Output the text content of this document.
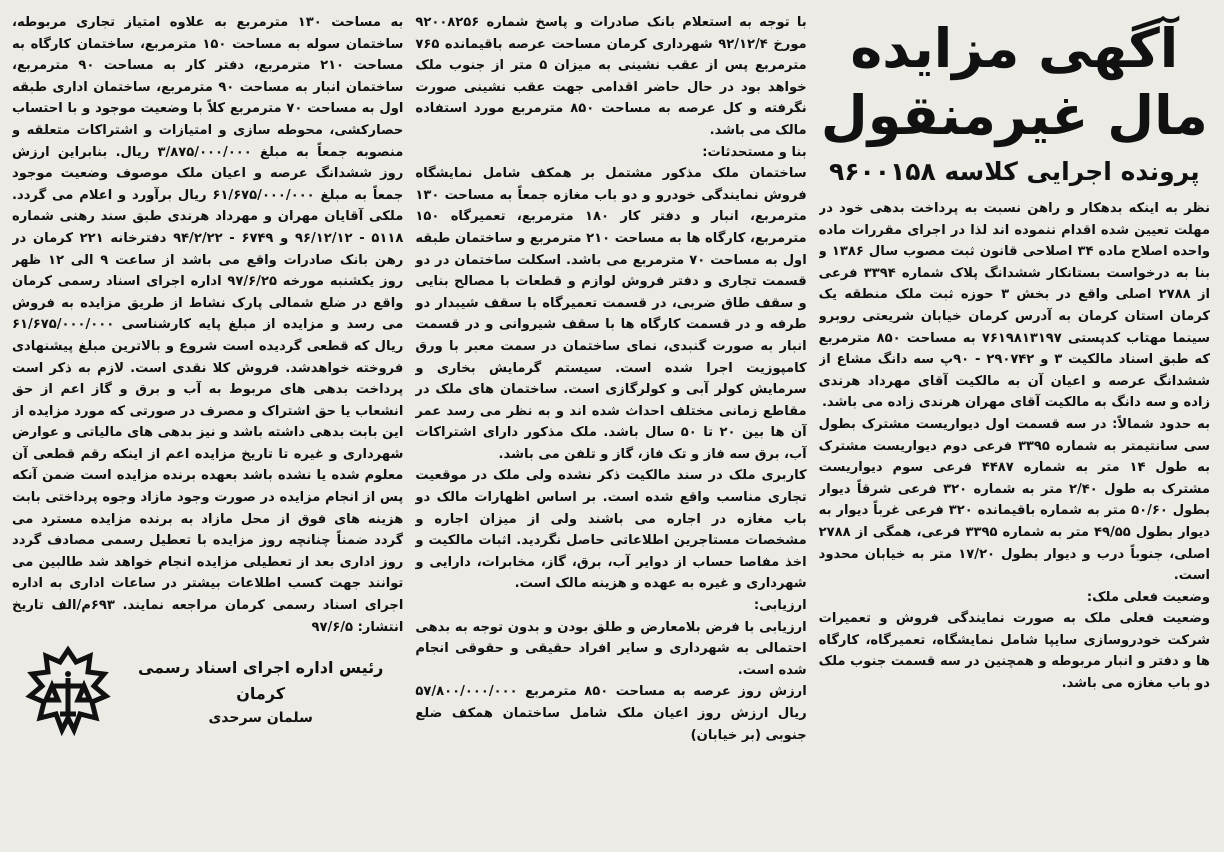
آگهی مزایده
مال غیرمنقول
پرونده اجرایی کلاسه ۹۶۰۰۱۵۸

نظر به اینکه بدهکار و راهن نسبت به پرداخت بدهی خود در مهلت تعیین شده اقدام ننموده اند لذا در اجرای مقررات ماده واحده اصلاح ماده ۳۴ اصلاحی قانون ثبت مصوب سال ۱۳۸۶ و بنا به درخواست بستانکار ششدانگ پلاک شماره ۳۳۹۴ فرعی از ۲۷۸۸ اصلی واقع در بخش ۳ حوزه ثبت ملک منطقه یک کرمان استان کرمان به آدرس کرمان خیابان شریعتی روبرو سینما مهتاب کدپستی ۷۶۱۹۸۱۳۱۹۷ به مساحت ۸۵۰ مترمربع که طبق اسناد مالکیت ۳ و ۲۹۰۷۴۲ - ۹۰پ سه دانگ مشاع از ششدانگ عرصه و اعیان آن به مالکیت آقای مهرداد هرندی زاده و سه دانگ به مالکیت آقای مهران هرندی زاده می باشد.

به حدود شمالاً: در سه قسمت اول دیواریست مشترک بطول سی سانتیمتر به شماره ۳۳۹۵ فرعی دوم دیواریست مشترک به طول ۱۴ متر به شماره ۴۴۸۷ فرعی سوم دیواریست مشترک به طول ۲/۴۰ متر به شماره ۳۲۰ فرعی شرقاً دیوار بطول ۵۰/۶۰ متر به شماره باقیمانده ۳۲۰ فرعی غرباً دیوار به دیوار بطول ۴۹/۵۵ متر به شماره ۳۳۹۵ فرعی، همگی از ۲۷۸۸ اصلی، جنوباً درب و دیوار بطول ۱۷/۲۰ متر به خیابان محدود است.

وضعیت فعلی ملک:

وضعیت فعلی ملک به صورت نمایندگی فروش و تعمیرات شرکت خودروسازی سایپا شامل نمایشگاه، تعمیرگاه، کارگاه ها و دفتر و انبار مربوطه و همچنین در سه قسمت جنوب ملک دو باب مغازه می باشد.

با توجه به استعلام بانک صادرات و پاسخ شماره ۹۲۰۰۸۲۵۶ مورخ ۹۲/۱۲/۴ شهرداری کرمان مساحت عرصه باقیمانده ۷۶۵ مترمربع پس از عقب نشینی به میزان ۵ متر از جنوب ملک خواهد بود در حال حاضر اقدامی جهت عقب نشینی صورت نگرفته و کل عرصه به مساحت ۸۵۰ مترمربع مورد استفاده مالک می باشد.

بنا و مستحدثات:

ساختمان ملک مذکور مشتمل بر همکف شامل نمایشگاه فروش نمایندگی خودرو و دو باب مغازه جمعاً به مساحت ۱۳۰ مترمربع، انبار و دفتر کار ۱۸۰ مترمربع، تعمیرگاه ۱۵۰ مترمربع، کارگاه ها به مساحت ۲۱۰ مترمربع و ساختمان طبقه اول به مساحت ۷۰ مترمربع می باشد. اسکلت ساختمان در دو قسمت تجاری و دفتر فروش لوازم و قطعات با مصالح بنایی و سقف طاق ضربی، در قسمت تعمیرگاه با سقف شیبدار دو طرفه و در قسمت کارگاه ها با سقف شیروانی و در قسمت انبار به صورت گنبدی، نمای ساختمان در سمت معبر با ورق کامپوزیت اجرا شده است. سیستم گرمایش بخاری و سرمایش کولر آبی و کولرگازی است. ساختمان های ملک در مقاطع زمانی مختلف احداث شده اند و به نظر می رسد عمر آن ها بین ۲۰ تا ۵۰ سال باشد. ملک مذکور دارای اشتراکات آب، برق سه فاز و تک فاز، گاز و تلفن می باشد.

کاربری ملک در سند مالکیت ذکر نشده ولی ملک در موقعیت تجاری مناسب واقع شده است. بر اساس اظهارات مالک دو باب مغازه در اجاره می باشند ولی از میزان اجاره و مشخصات مستاجرین اطلاعاتی حاصل نگردید. اثبات مالکیت و اخذ مفاصا حساب از دوایر آب، برق، گاز، مخابرات، دارایی و شهرداری و غیره به عهده و هزینه مالک است.

ارزیابی:

ارزیابی با فرض بلامعارض و طلق بودن و بدون توجه به بدهی احتمالی به شهرداری و سایر افراد حقیقی و حقوقی انجام شده است.

ارزش روز عرصه به مساحت ۸۵۰ مترمربع ۵۷/۸۰۰/۰۰۰/۰۰۰ ریال ارزش روز اعیان ملک شامل ساختمان همکف ضلع جنوبی (بر خیابان)

به مساحت ۱۳۰ مترمربع به علاوه امتیاز تجاری مربوطه، ساختمان سوله به مساحت ۱۵۰ مترمربع، ساختمان کارگاه به مساحت ۲۱۰ مترمربع، دفتر کار به مساحت ۹۰ مترمربع، ساختمان انبار به مساحت ۹۰ مترمربع، ساختمان اداری طبقه اول به مساحت ۷۰ مترمربع کلاً با وضعیت موجود و با احتساب حصارکشی، محوطه سازی و امتیازات و اشتراکات متعلقه و منصوبه جمعاً به مبلغ ۳/۸۷۵/۰۰۰/۰۰۰ ریال. بنابراین ارزش روز ششدانگ عرصه و اعیان ملک موصوف وضعیت موجود جمعاً به مبلغ ۶۱/۶۷۵/۰۰۰/۰۰۰ ریال برآورد و اعلام می گردد. ملکی آقایان مهران و مهرداد هرندی طبق سند رهنی شماره ۵۱۱۸ - ۹۶/۱۲/۱۲ و ۶۷۴۹ - ۹۴/۲/۲۲ دفترخانه ۲۲۱ کرمان در رهن بانک صادرات واقع می باشد از ساعت ۹ الی ۱۲ ظهر روز یکشنبه مورخه ۹۷/۶/۲۵ اداره اجرای اسناد رسمی کرمان واقع در ضلع شمالی پارک نشاط از طریق مزایده به فروش می رسد و مزایده از مبلغ پایه کارشناسی ۶۱/۶۷۵/۰۰۰/۰۰۰ ریال که قطعی گردیده است شروع و بالاترین مبلغ پیشنهادی فروخته خواهدشد. فروش کلا نقدی است. لازم به ذکر است پرداخت بدهی های مربوط به آب و برق و گاز اعم از حق انشعاب یا حق اشتراک و مصرف در صورتی که مورد مزایده از این بابت بدهی داشته باشد و نیز بدهی های مالیاتی و عوارض شهرداری و غیره تا تاریخ مزایده اعم از اینکه رقم قطعی آن معلوم شده یا نشده باشد بعهده برنده مزایده است ضمن آنکه پس از انجام مزایده در صورت وجود مازاد وجوه پرداختی بابت هزینه های فوق از محل مازاد به برنده مزایده مسترد می گردد ضمناً چنانچه روز مزایده با تعطیل رسمی مصادف گردد روز اداری بعد از تعطیلی مزایده انجام خواهد شد طالبین می توانند جهت کسب اطلاعات بیشتر در ساعات اداری به اداره اجرای اسناد رسمی کرمان مراجعه نمایند. ۶۹۳م/الف تاریخ انتشار: ۹۷/۶/۵

رئیس اداره اجرای اسناد رسمی کرمان
سلمان سرحدی
